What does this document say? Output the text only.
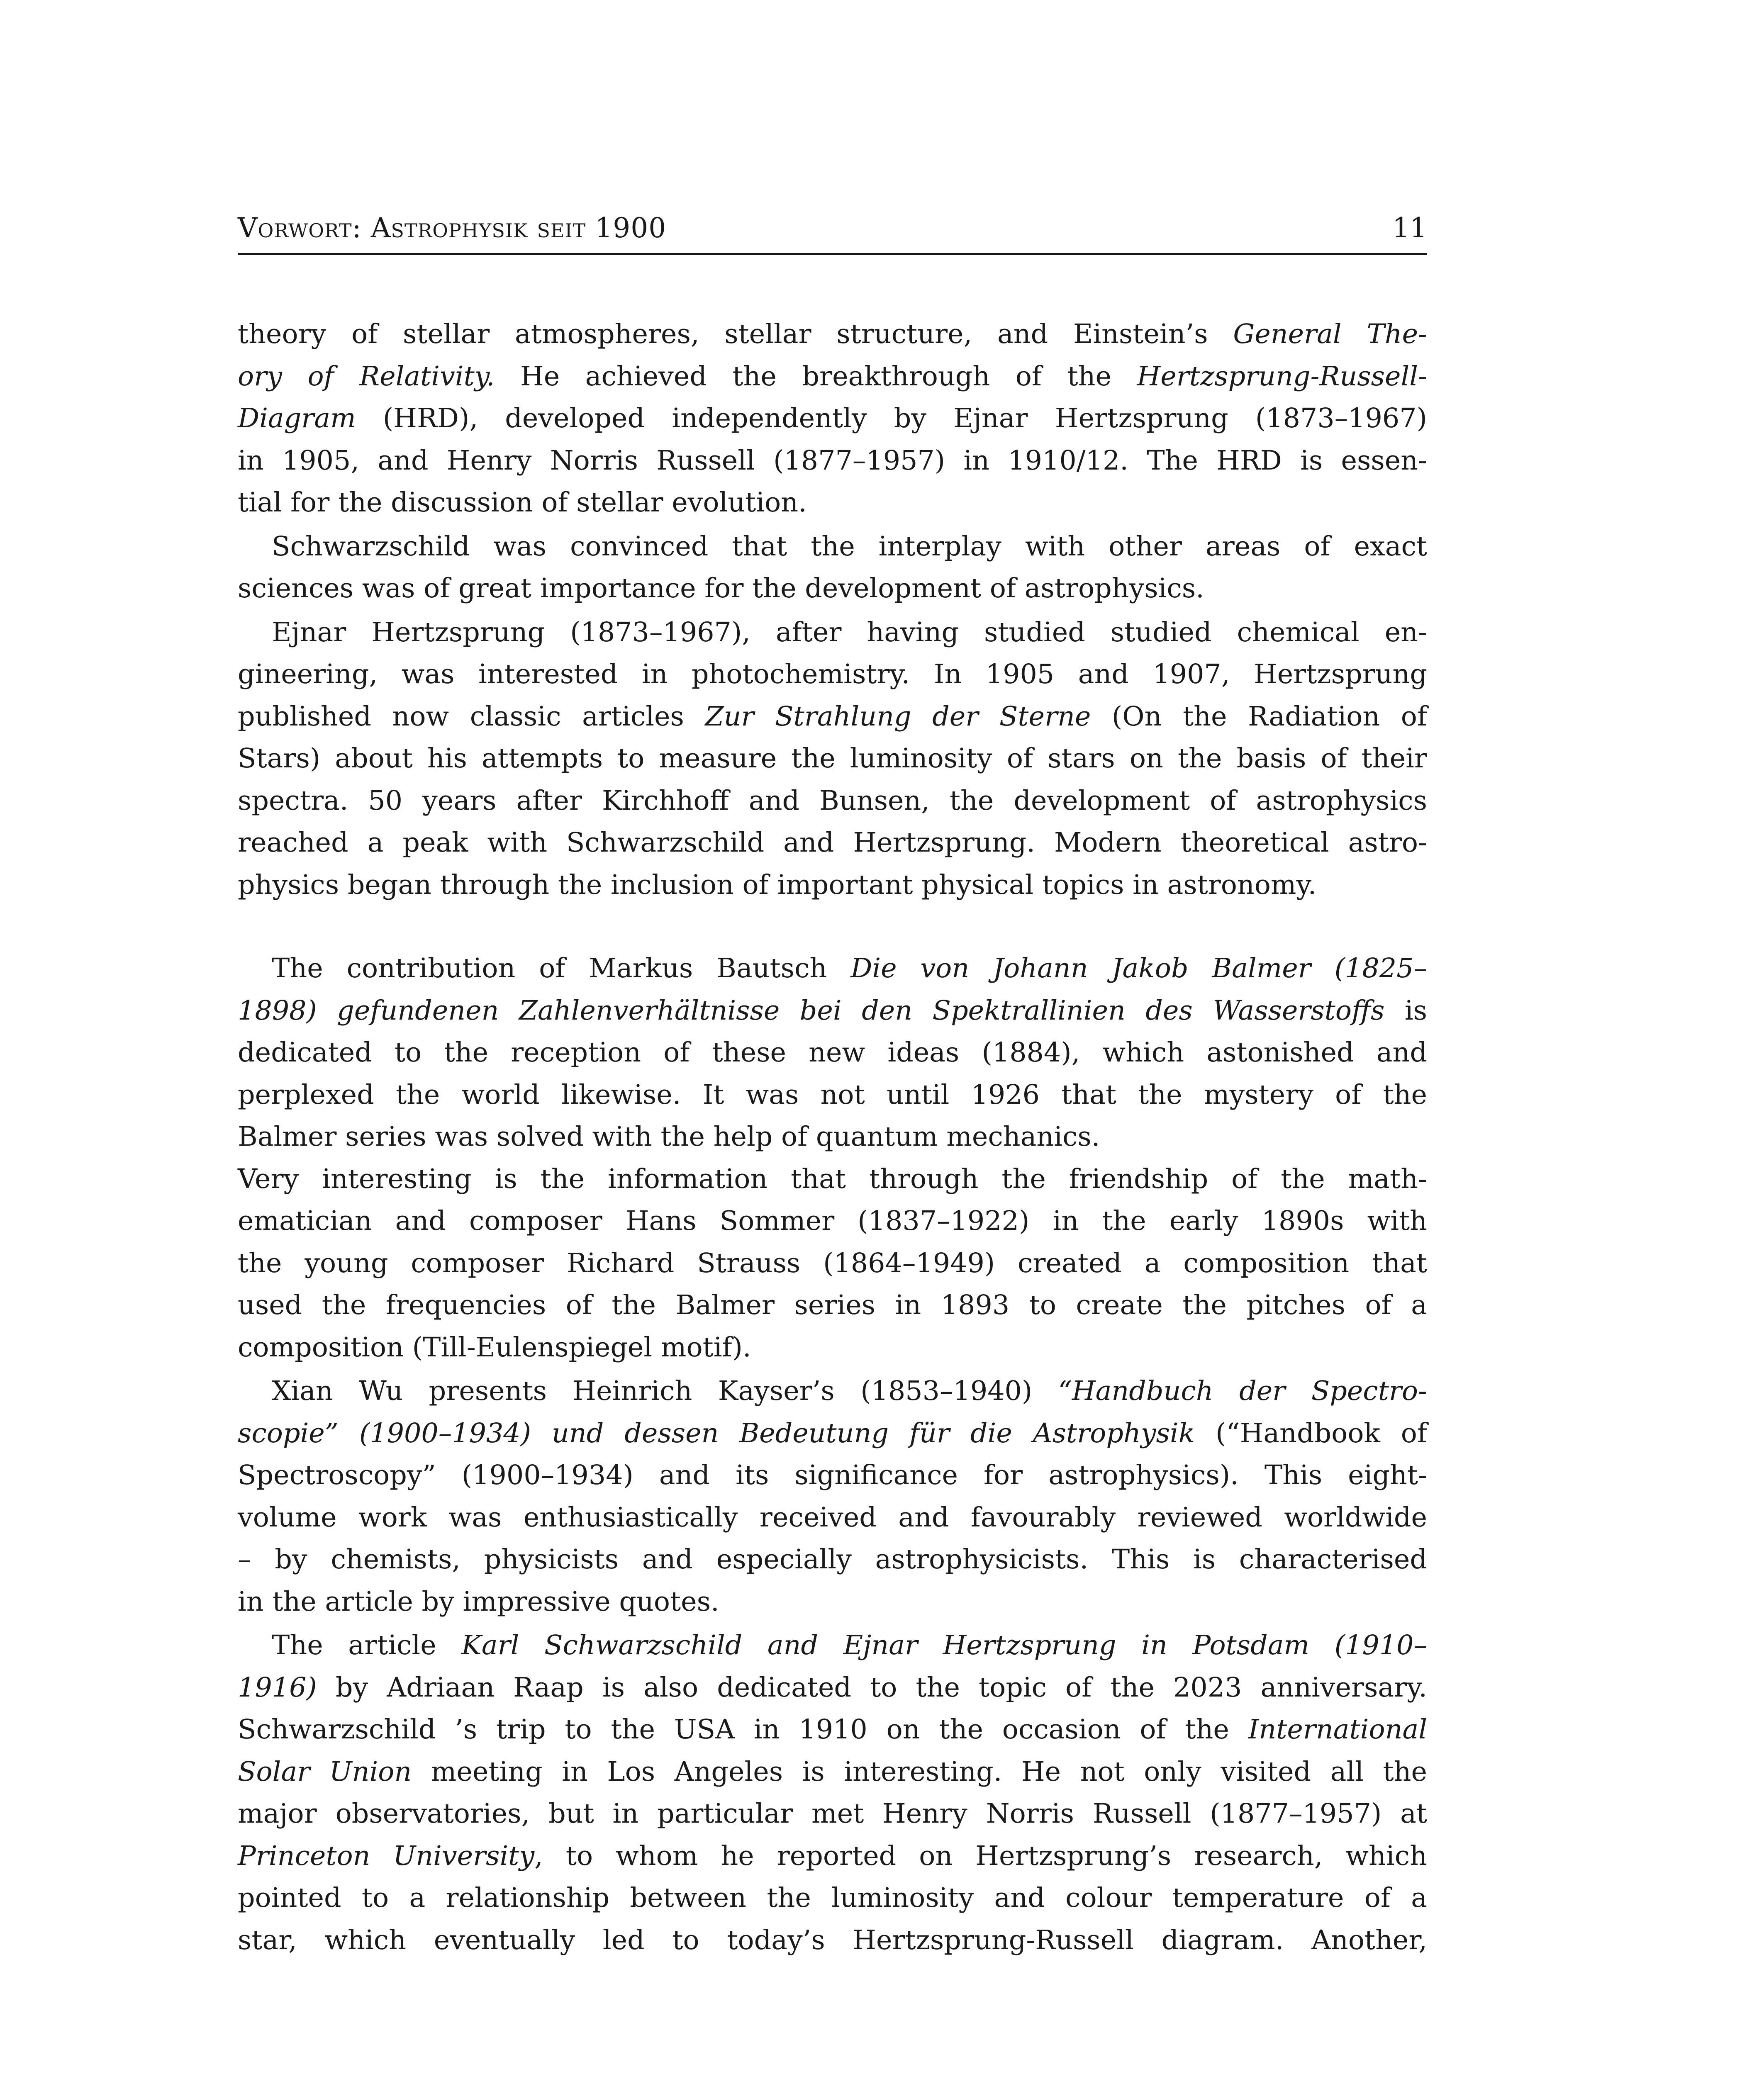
Vorwort: Astrophysik seit 1900	11
theory of stellar atmospheres, stellar structure, and Einstein’s General The-
ory of Relativity. He achieved the breakthrough of the Hertzsprung-Russell-
Diagram (HRD), developed independently by Ejnar Hertzsprung (1873–1967)
in 1905, and Henry Norris Russell (1877–1957) in 1910/12. The HRD is essen-
tial for the discussion of stellar evolution.
Schwarzschild was convinced that the interplay with other areas of exact
sciences was of great importance for the development of astrophysics.
Ejnar Hertzsprung (1873–1967), after having studied studied chemical en-
gineering, was interested in photochemistry. In 1905 and 1907, Hertzsprung
published now classic articles Zur Strahlung der Sterne (On the Radiation of
Stars) about his attempts to measure the luminosity of stars on the basis of their
spectra. 50 years after Kirchhoff and Bunsen, the development of astrophysics
reached a peak with Schwarzschild and Hertzsprung. Modern theoretical astro-
physics began through the inclusion of important physical topics in astronomy.
The contribution of Markus Bautsch Die von Johann Jakob Balmer (1825–
1898) gefundenen Zahlenverhältnisse bei den Spektrallinien des Wasserstoffs is
dedicated to the reception of these new ideas (1884), which astonished and
perplexed the world likewise. It was not until 1926 that the mystery of the
Balmer series was solved with the help of quantum mechanics.
Very interesting is the information that through the friendship of the math-
ematician and composer Hans Sommer (1837–1922) in the early 1890s with
the young composer Richard Strauss (1864–1949) created a composition that
used the frequencies of the Balmer series in 1893 to create the pitches of a
composition (Till-Eulenspiegel motif).
Xian Wu presents Heinrich Kayser’s (1853–1940) “Handbuch der Spectro-
scopie” (1900–1934) und dessen Bedeutung für die Astrophysik (“Handbook of
Spectroscopy” (1900–1934) and its significance for astrophysics). This eight-
volume work was enthusiastically received and favourably reviewed worldwide
– by chemists, physicists and especially astrophysicists. This is characterised
in the article by impressive quotes.
The article Karl Schwarzschild and Ejnar Hertzsprung in Potsdam (1910–
1916) by Adriaan Raap is also dedicated to the topic of the 2023 anniversary.
Schwarzschild ’s trip to the USA in 1910 on the occasion of the International
Solar Union meeting in Los Angeles is interesting. He not only visited all the
major observatories, but in particular met Henry Norris Russell (1877–1957) at
Princeton University, to whom he reported on Hertzsprung’s research, which
pointed to a relationship between the luminosity and colour temperature of a
star, which eventually led to today’s Hertzsprung-Russell diagram. Another,
